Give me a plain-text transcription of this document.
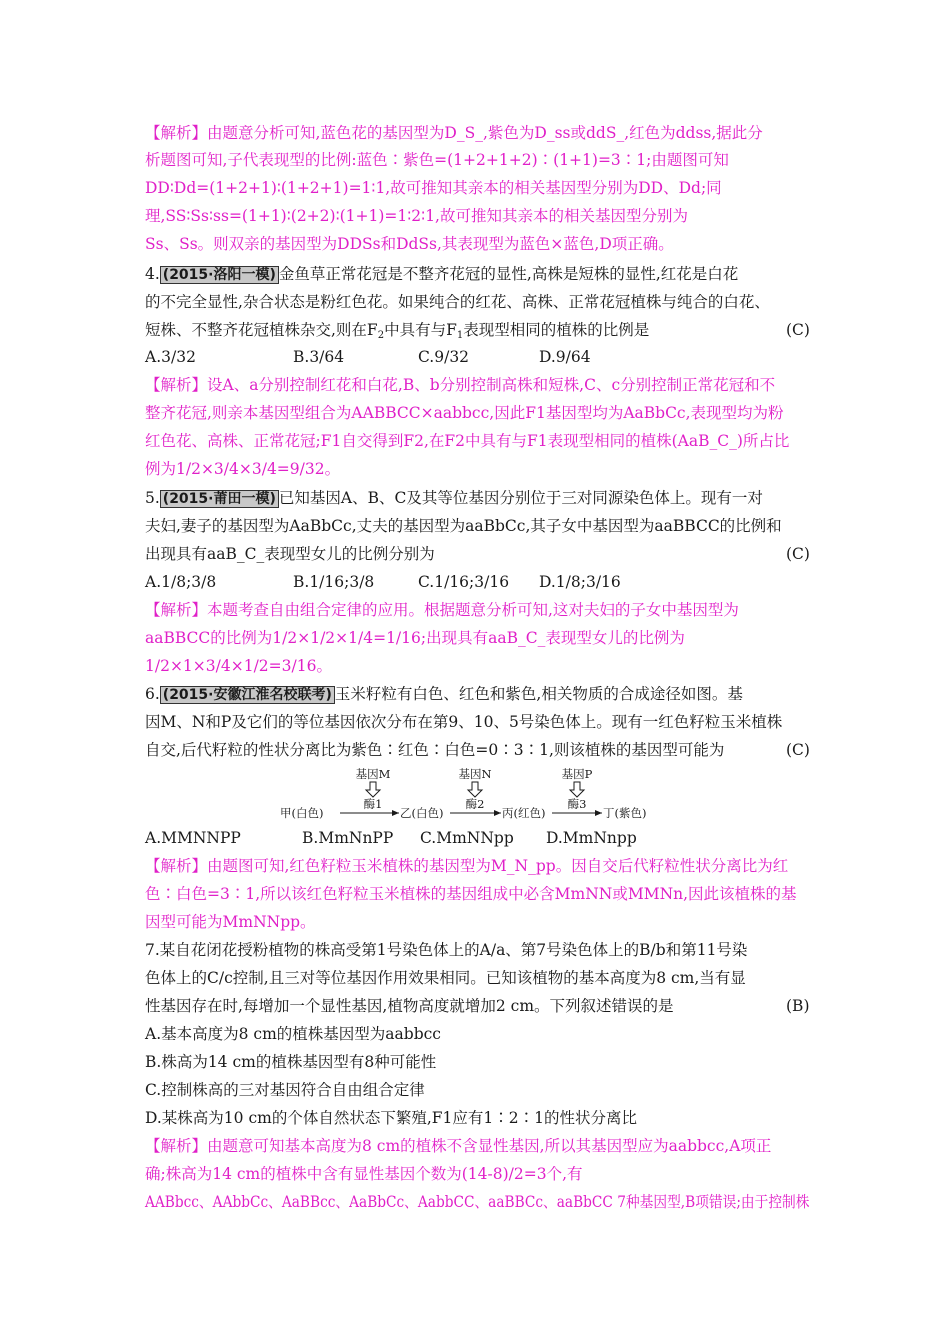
【解析】由题意分析可知,蓝色花的基因型为D_S_,紫色为D_ss或ddS_,红色为ddss,据此分
析题图可知,子代表现型的比例:蓝色∶紫色=(1+2+1+2)∶(1+1)=3∶1;由题图可知
DD∶Dd=(1+2+1)∶(1+2+1)=1∶1,故可推知其亲本的相关基因型分别为DD、Dd;同
理,SS∶Ss∶ss=(1+1)∶(2+2)∶(1+1)=1∶2∶1,故可推知其亲本的相关基因型分别为
Ss、Ss。则双亲的基因型为DDSs和DdSs,其表现型为蓝色×蓝色,D项正确。
4. (2015·洛阳一模) 金鱼草正常花冠是不整齐花冠的显性,高株是短株的显性,红花是白花
的不完全显性,杂合状态是粉红色花。如果纯合的红花、高株、正常花冠植株与纯合的白花、
短株、不整齐花冠植株杂交,则在$F_2$中具有与$F_1$表现型相同的植株的比例是	(C)
A.3/32	B.3/64	C.9/32	D.9/64
【解析】设A、a分别控制红花和白花,B、b分别控制高株和短株,C、c分别控制正常花冠和不
整齐花冠,则亲本基因型组合为AABBCC×aabbcc,因此F1基因型均为AaBbCc,表现型均为粉
红色花、高株、正常花冠;F1自交得到F2,在F2中具有与F1表现型相同的植株(AaB_C_)所占比
例为1/2×3/4×3/4=9/32。
5. (2015·莆田一模) 已知基因A、B、C及其等位基因分别位于三对同源染色体上。现有一对
夫妇,妻子的基因型为AaBbCc,丈夫的基因型为aaBbCc,其子女中基因型为aaBBCC的比例和
出现具有aaB_C_表现型女儿的比例分别为	(C)
A.1/8;3/8	B.1/16;3/8	C.1/16;3/16 D.1/8;3/16
【解析】本题考查自由组合定律的应用。根据题意分析可知,这对夫妇的子女中基因型为
aaBBCC的比例为1/2×1/2×1/4=1/16;出现具有aaB_C_表现型女儿的比例为
1/2×1×3/4×1/2=3/16。
6. (2015·安徽江淮名校联考) 玉米籽粒有白色、红色和紫色,相关物质的合成途径如图。基
因M、N和P及它们的等位基因依次分布在第9、10、5号染色体上。现有一红色籽粒玉米植株
自交,后代籽粒的性状分离比为紫色∶红色∶白色=0∶3∶1,则该植株的基因型可能为	(C)
基因M	基因N	基因P
酶1	酶2	酶3
甲(白色)	乙(白色)	丙(红色)	丁(紫色)
A.MMNNPP	B.MmNnPP C.MmNNpp D.MmNnpp
【解析】由题图可知,红色籽粒玉米植株的基因型为M_N_pp。因自交后代籽粒性状分离比为红
色∶白色=3∶1,所以该红色籽粒玉米植株的基因组成中必含MmNN或MMNn,因此该植株的基
因型可能为MmNNpp。
7.某自花闭花授粉植物的株高受第1号染色体上的A/a、第7号染色体上的B/b和第11号染
色体上的C/c控制,且三对等位基因作用效果相同。已知该植物的基本高度为8 cm,当有显
性基因存在时,每增加一个显性基因,植物高度就增加2 cm。下列叙述错误的是	(B)
A.基本高度为8 cm的植株基因型为aabbcc
B.株高为14 cm的植株基因型有8种可能性
C.控制株高的三对基因符合自由组合定律
D.某株高为10 cm的个体自然状态下繁殖,F1应有1∶2∶1的性状分离比
【解析】由题意可知基本高度为8 cm的植株不含显性基因,所以其基因型应为aabbcc,A项正
确;株高为14 cm的植株中含有显性基因个数为(14-8)/2=3个,有
AABbcc、AAbbCc、AaBBcc、AaBbCc、AabbCC、aaBBCc、aaBbCC 7种基因型,B项错误;由于控制株
